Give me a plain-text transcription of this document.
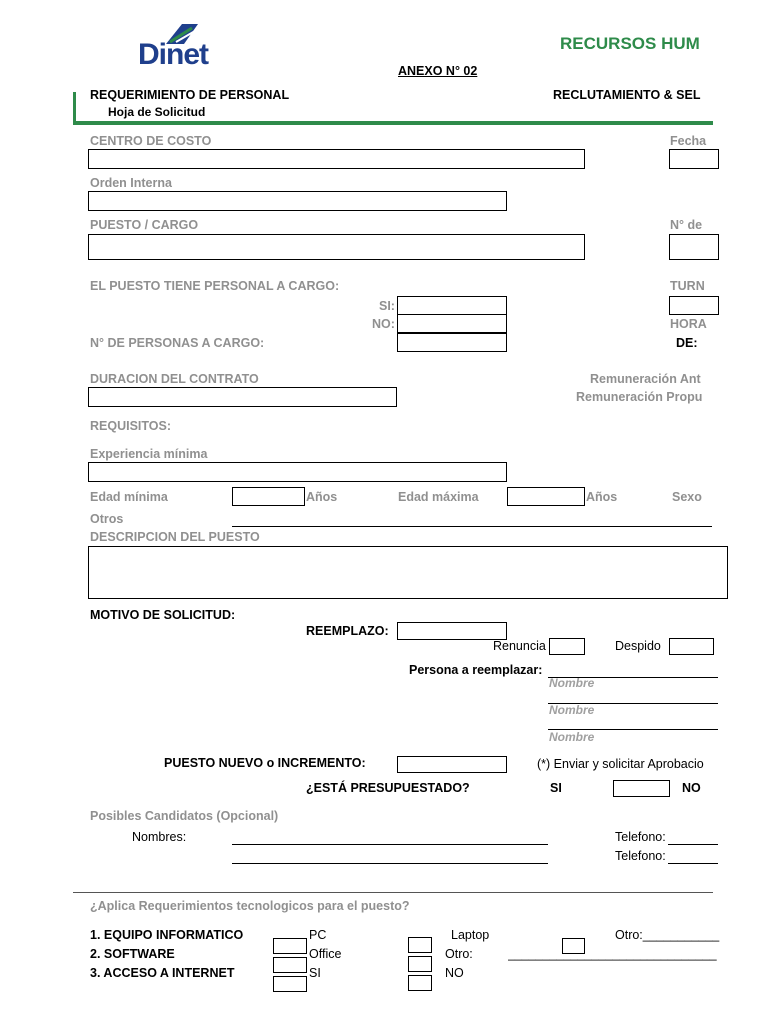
Dinet	RECURSOS HUM
ANEXO N° 02
REQUERIMIENTO DE PERSONAL
Hoja de Solicitud
RECLUTAMIENTO & SEL
CENTRO DE COSTO	Fecha
Orden Interna
PUESTO / CARGO	N° de
EL PUESTO TIENE PERSONAL A CARGO:	TURN
SI:
NO:	HORA
N° DE PERSONAS A CARGO:	DE:
DURACION DEL CONTRATO	Remuneración Ant
Remuneración Propu
REQUISITOS:
Experiencia mínima
Edad mínima	Años	Edad máxima	Años	Sexo
Otros
DESCRIPCION DEL PUESTO
MOTIVO DE SOLICITUD:
REEMPLAZO:
Renuncia	Despido
Persona a reemplazar:
Nombre
Nombre
Nombre
PUESTO NUEVO o INCREMENTO:	(*) Enviar y solicitar Aprobacio
¿ESTÁ PRESUPUESTADO?	SI	NO
Posibles Candidatos (Opcional)
Nombres:	Telefono:
Telefono:
¿Aplica Requerimientos tecnologicos para el puesto?
1. EQUIPO INFORMATICO	PC	Laptop	Otro:___________
2. SOFTWARE	Office	Otro:	______________________________
3. ACCESO A INTERNET	SI	NO
